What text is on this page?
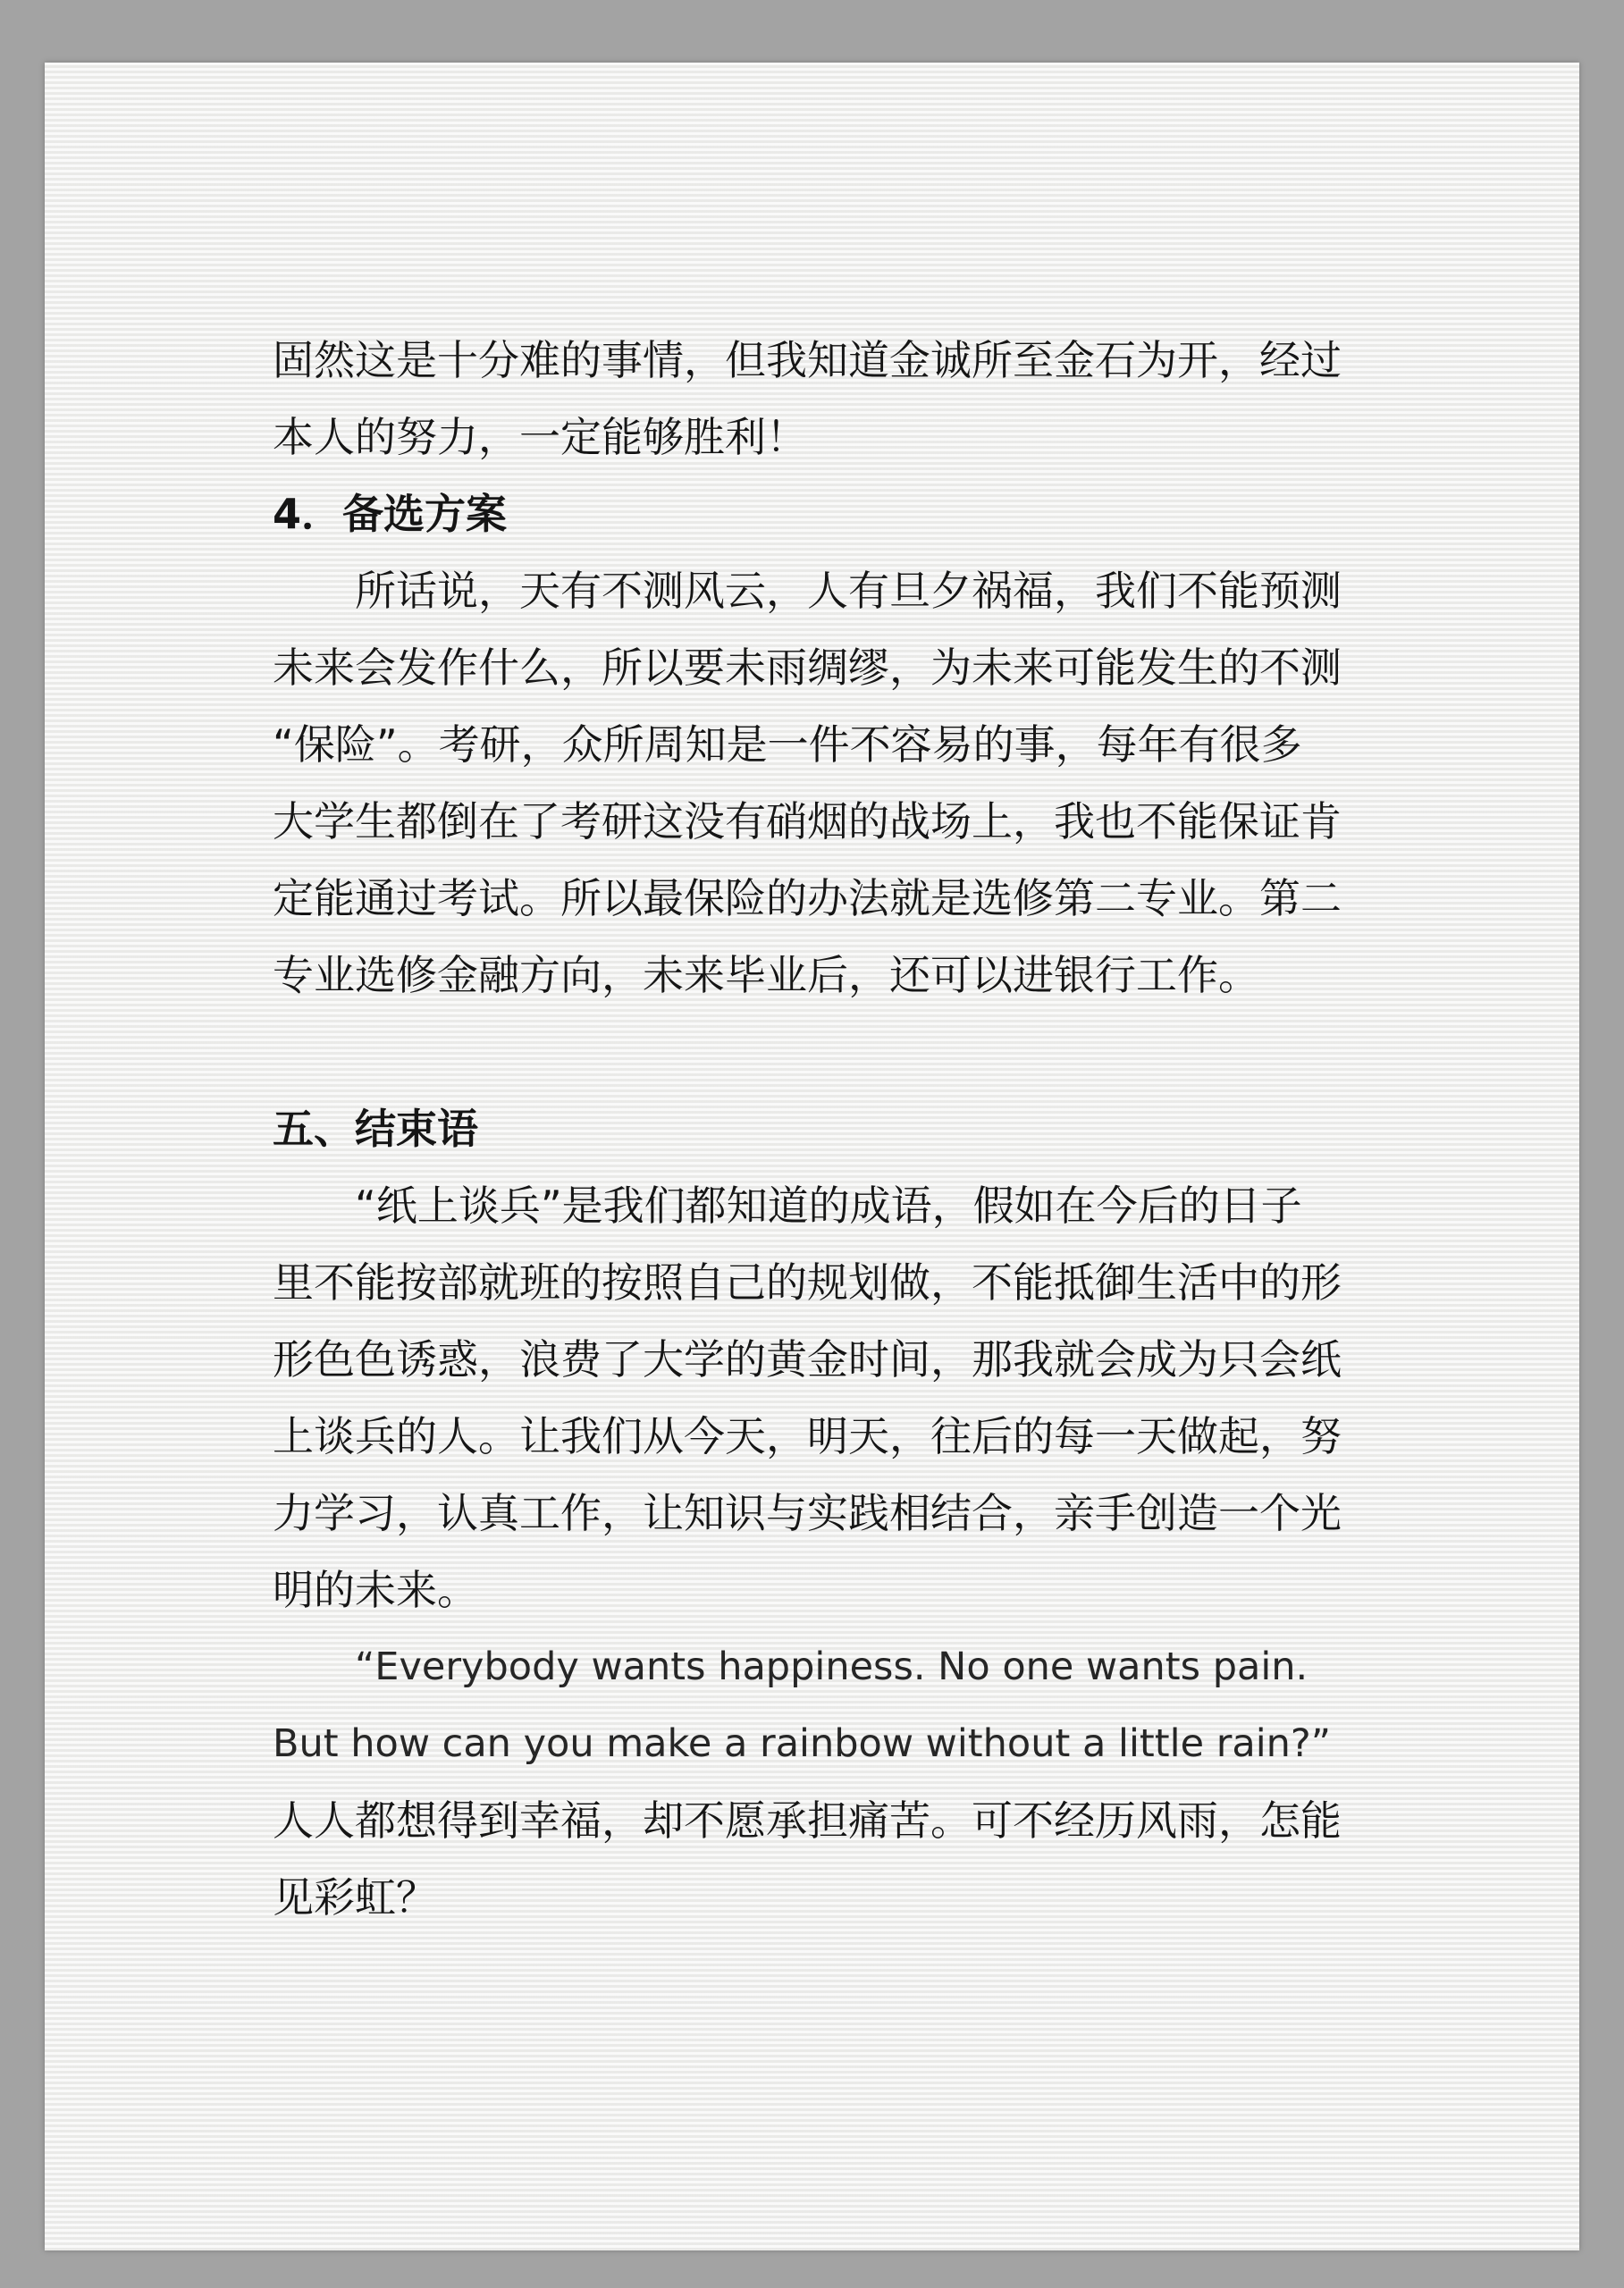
固然这是十分难的事情，但我知道金诚所至金石为开，经过
本人的努力，一定能够胜利！
4．备选方案
所话说，天有不测风云，人有旦夕祸福，我们不能预测
未来会发作什么，所以要未雨绸缪，为未来可能发生的不测
“保险”。考研，众所周知是一件不容易的事，每年有很多
大学生都倒在了考研这没有硝烟的战场上，我也不能保证肯
定能通过考试。所以最保险的办法就是选修第二专业。第二
专业选修金融方向，未来毕业后，还可以进银行工作。
五、结束语
“纸上谈兵”是我们都知道的成语，假如在今后的日子
里不能按部就班的按照自己的规划做，不能抵御生活中的形
形色色诱惑，浪费了大学的黄金时间，那我就会成为只会纸
上谈兵的人。让我们从今天，明天，往后的每一天做起，努
力学习，认真工作，让知识与实践相结合，亲手创造一个光
明的未来。
“Everybody wants happiness. No one wants pain.
But how can you make a rainbow without a little rain?”
人人都想得到幸福，却不愿承担痛苦。可不经历风雨，怎能
见彩虹？
